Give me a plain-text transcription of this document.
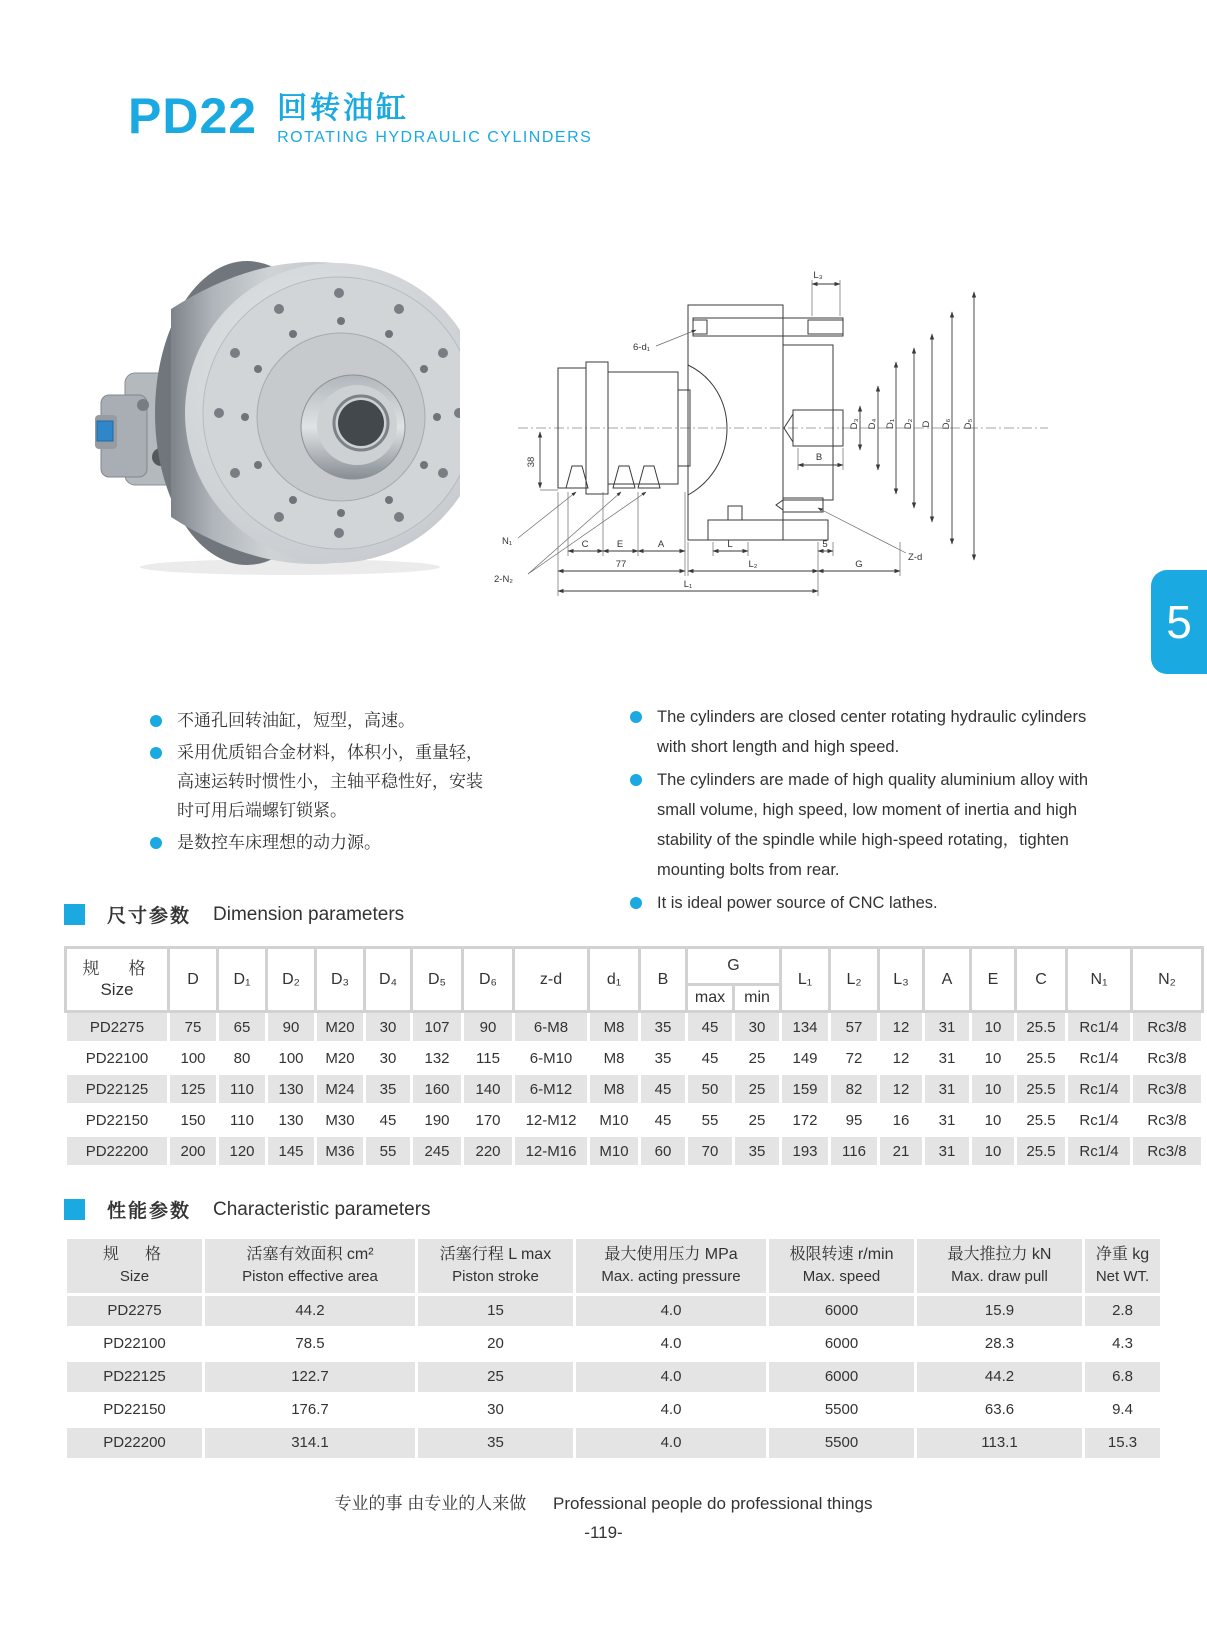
PD22 回转油缸
ROTATING HYDRAULIC CYLINDERS
5
L₃
6-d₁
38
N₁
2-N₂
C	E	A
77
L₁
L
L₂
5
G
Z-d
B
D₃ D₄ D₁ D₂ D D₆ D₅
不通孔回转油缸，短型，高速。
采用优质铝合金材料，体积小，重量轻，高速运转时惯性小，主轴平稳性好，安装时可用后端螺钉锁紧。
是数控车床理想的动力源。
The cylinders are closed center rotating hydraulic cylinders with short length and high speed.
The cylinders are made of high quality aluminium alloy with small volume, high speed, low moment of inertia and high stability of the spindle while high-speed rotating，tighten mounting bolts from rear.
It is ideal power source of CNC lathes.
尺寸参数 Dimension parameters
规　格
Size	D	D₁	D₂	D₃	D₄	D₅	D₆	z-d	d₁	B	G		L₁	L₂	L₃	A	E	C	N₁	N₂
											max	min								
PD2275	75	65	90	M20	30	107	90	6-M8	M8	35	45	30	134	57	12	31	10	25.5	Rc1/4	Rc3/8
PD22100	100	80	100	M20	30	132	115	6-M10	M8	35	45	25	149	72	12	31	10	25.5	Rc1/4	Rc3/8
PD22125	125	110	130	M24	35	160	140	6-M12	M8	45	50	25	159	82	12	31	10	25.5	Rc1/4	Rc3/8
PD22150	150	110	130	M30	45	190	170	12-M12	M10	45	55	25	172	95	16	31	10	25.5	Rc1/4	Rc3/8
PD22200	200	120	145	M36	55	245	220	12-M16	M10	60	70	35	193	116	21	31	10	25.5	Rc1/4	Rc3/8
性能参数 Characteristic parameters
规　格
Size

活塞有效面积 cm²
Piston effective area

活塞行程 L max
Piston stroke

最大使用压力 MPa
Max. acting pressure

极限转速 r/min
Max. speed

最大推拉力 kN
Max. draw pull

净重 kg
Net WT.

PD2275	44.2	15	4.0	6000	15.9	2.8
PD22100	78.5	20	4.0	6000	28.3	4.3
PD22125	122.7	25	4.0	6000	44.2	6.8
PD22150	176.7	30	4.0	5500	63.6	9.4
PD22200	314.1	35	4.0	5500	113.1	15.3
专业的事 由专业的人来做 Professional people do professional things
-119-
